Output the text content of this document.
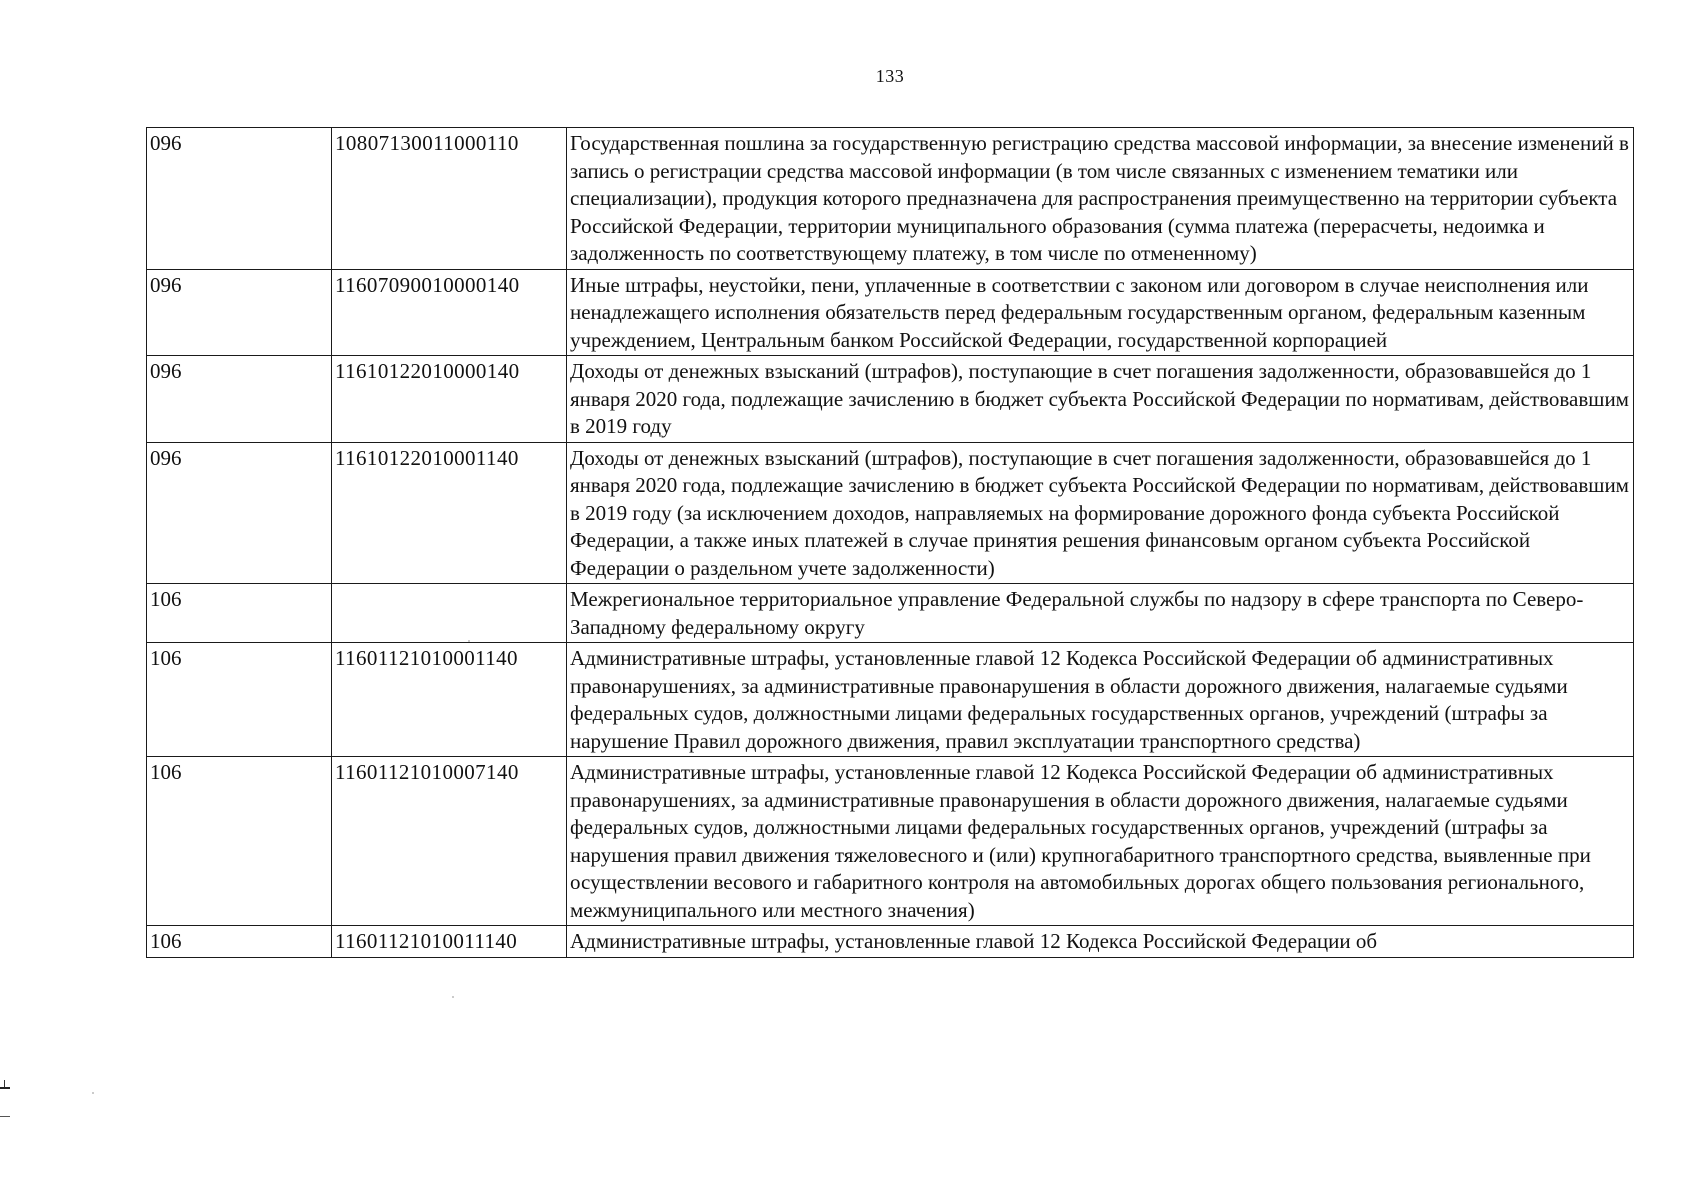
133
096	10807130011000110	Государственная пошлина за государственную регистрацию средства массовой информации, за внесение изменений в запись о регистрации средства массовой информации (в том числе связанных с изменением тематики или специализации), продукция которого предназначена для распространения преимущественно на территории субъекта Российской Федерации, территории муниципального образования (сумма платежа (перерасчеты, недоимка и задолженность по соответствующему платежу, в том числе по отмененному)
096	11607090010000140	Иные штрафы, неустойки, пени, уплаченные в соответствии с законом или договором в случае неисполнения или ненадлежащего исполнения обязательств перед федеральным государственным органом, федеральным казенным учреждением, Центральным банком Российской Федерации, государственной корпорацией
096	11610122010000140	Доходы от денежных взысканий (штрафов), поступающие в счет погашения задолженности, образовавшейся до 1 января 2020 года, подлежащие зачислению в бюджет субъекта Российской Федерации по нормативам, действовавшим в 2019 году
096	11610122010001140	Доходы от денежных взысканий (штрафов), поступающие в счет погашения задолженности, образовавшейся до 1 января 2020 года, подлежащие зачислению в бюджет субъекта Российской Федерации по нормативам, действовавшим в 2019 году (за исключением доходов, направляемых на формирование дорожного фонда субъекта Российской Федерации, а также иных платежей в случае принятия решения финансовым органом субъекта Российской Федерации о раздельном учете задолженности)
106		Межрегиональное территориальное управление Федеральной службы по надзору в сфере транспорта по Северо-Западному федеральному округу
106	11601121010001140	Административные штрафы, установленные главой 12 Кодекса Российской Федерации об административных правонарушениях, за административные правонарушения в области дорожного движения, налагаемые судьями федеральных судов, должностными лицами федеральных государственных органов, учреждений (штрафы за нарушение Правил дорожного движения, правил эксплуатации транспортного средства)
106	11601121010007140	Административные штрафы, установленные главой 12 Кодекса Российской Федерации об административных правонарушениях, за административные правонарушения в области дорожного движения, налагаемые судьями федеральных судов, должностными лицами федеральных государственных органов, учреждений (штрафы за нарушения правил движения тяжеловесного и (или) крупногабаритного транспортного средства, выявленные при осуществлении весового и габаритного контроля на автомобильных дорогах общего пользования регионального, межмуниципального или местного значения)
106	11601121010011140	Административные штрафы, установленные главой 12 Кодекса Российской Федерации об
